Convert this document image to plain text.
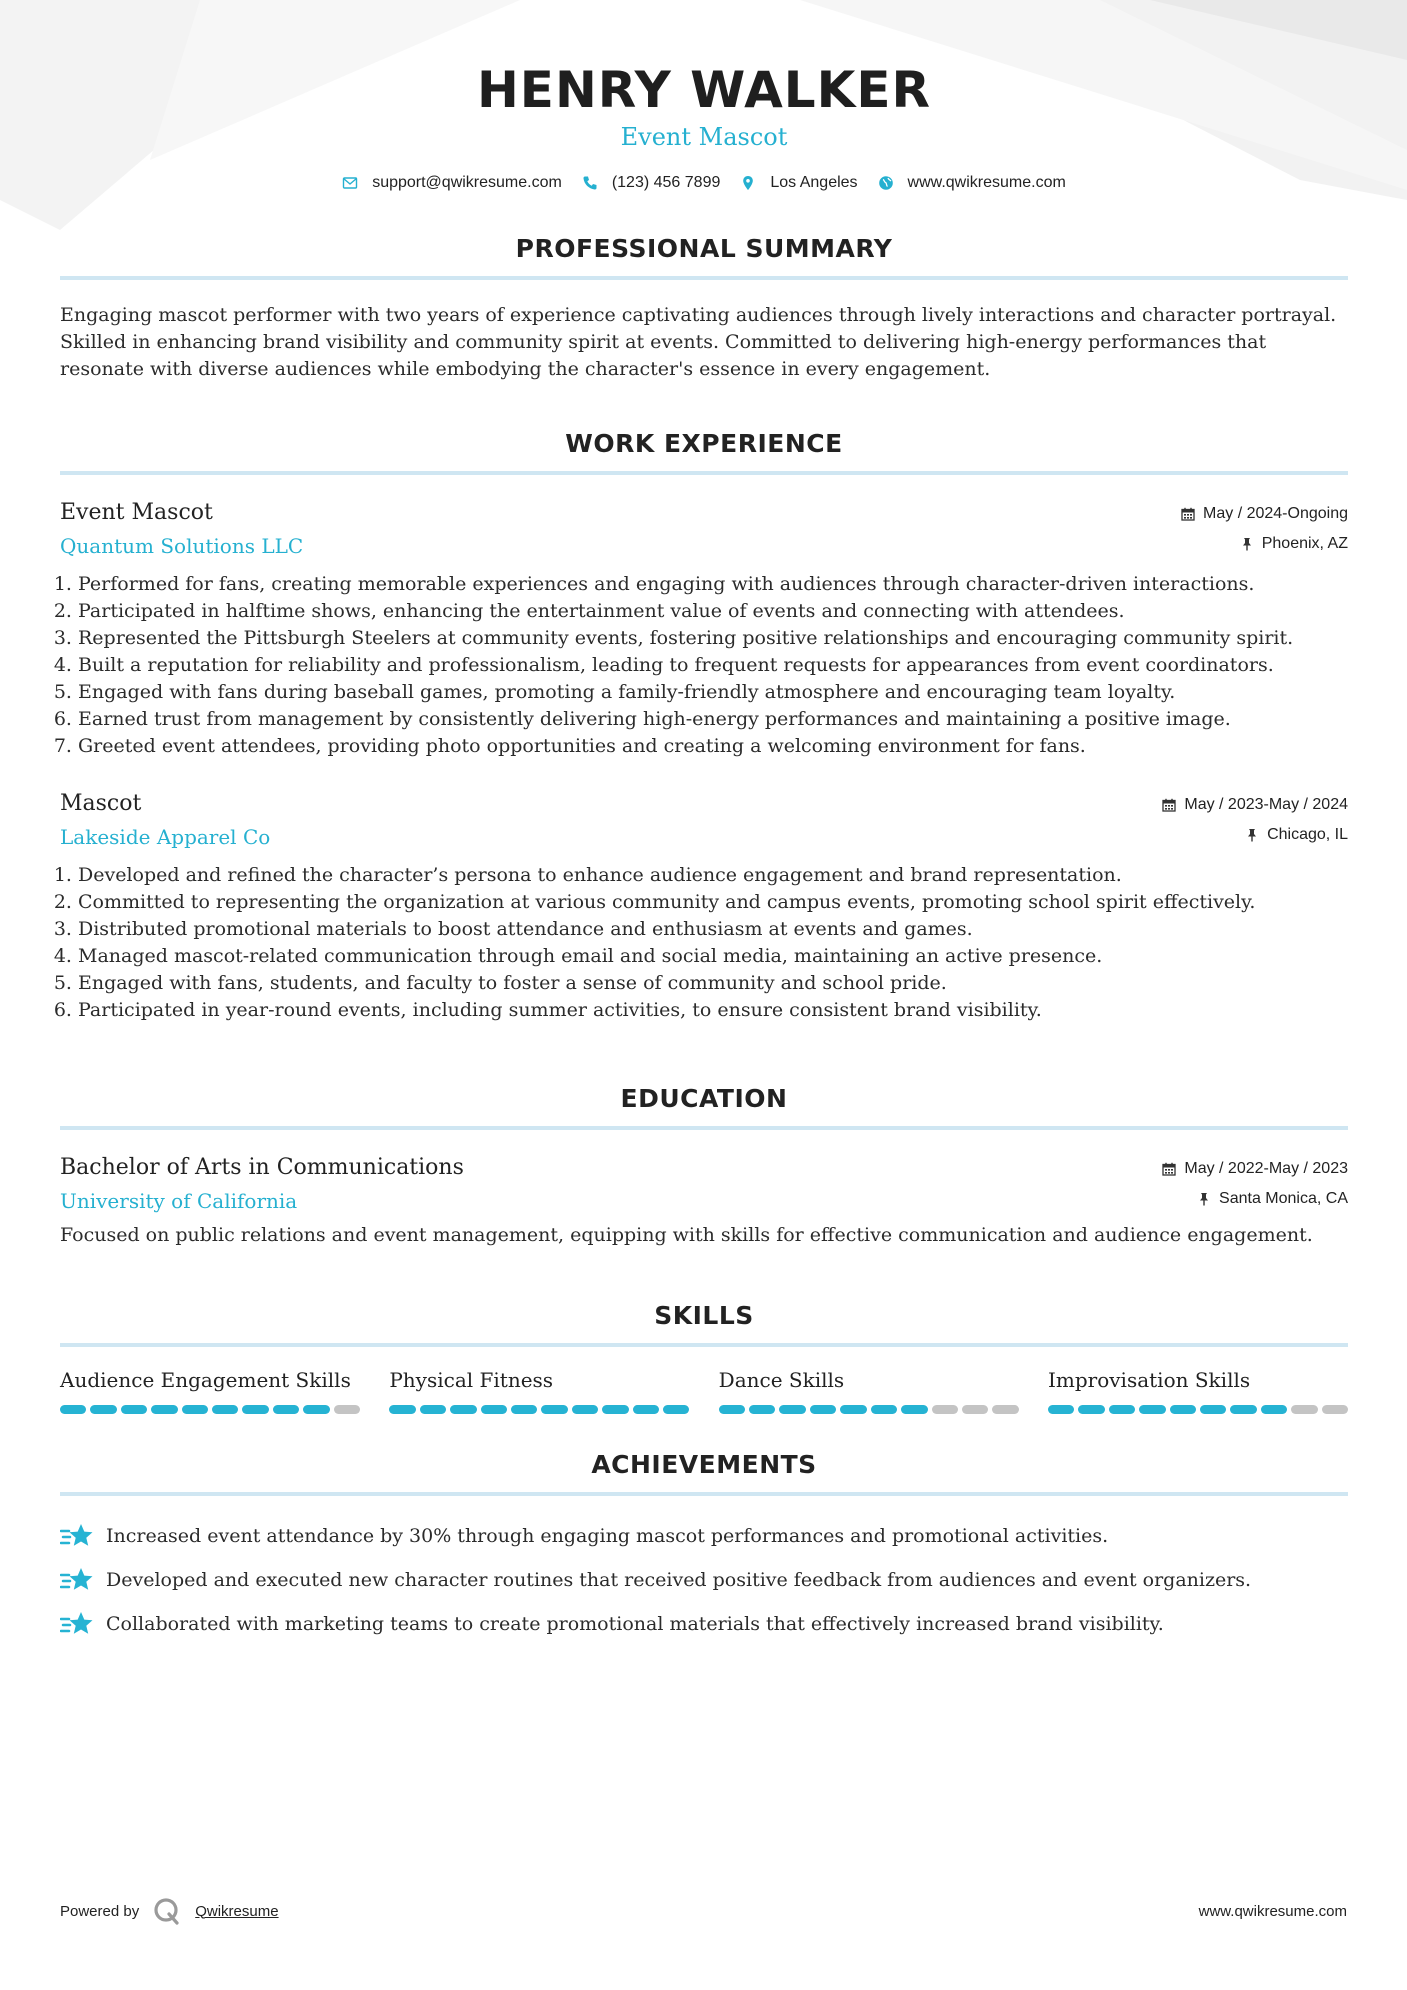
HENRY WALKER
Event Mascot
support@qwikresume.com	(123) 456 7899	Los Angeles	www.qwikresume.com
PROFESSIONAL SUMMARY
Engaging mascot performer with two years of experience captivating audiences through lively interactions and character portrayal. Skilled in enhancing brand visibility and community spirit at events. Committed to delivering high-energy performances that resonate with diverse audiences while embodying the character's essence in every engagement.
WORK EXPERIENCE
Event Mascot
Quantum Solutions LLC
May / 2024-Ongoing
Phoenix, AZ
1. Performed for fans, creating memorable experiences and engaging with audiences through character-driven interactions.
2. Participated in halftime shows, enhancing the entertainment value of events and connecting with attendees.
3. Represented the Pittsburgh Steelers at community events, fostering positive relationships and encouraging community spirit.
4. Built a reputation for reliability and professionalism, leading to frequent requests for appearances from event coordinators.
5. Engaged with fans during baseball games, promoting a family-friendly atmosphere and encouraging team loyalty.
6. Earned trust from management by consistently delivering high-energy performances and maintaining a positive image.
7. Greeted event attendees, providing photo opportunities and creating a welcoming environment for fans.
Mascot
Lakeside Apparel Co
May / 2023-May / 2024
Chicago, IL
1. Developed and refined the character’s persona to enhance audience engagement and brand representation.
2. Committed to representing the organization at various community and campus events, promoting school spirit effectively.
3. Distributed promotional materials to boost attendance and enthusiasm at events and games.
4. Managed mascot-related communication through email and social media, maintaining an active presence.
5. Engaged with fans, students, and faculty to foster a sense of community and school pride.
6. Participated in year-round events, including summer activities, to ensure consistent brand visibility.
EDUCATION
Bachelor of Arts in Communications
University of California
May / 2022-May / 2023
Santa Monica, CA
Focused on public relations and event management, equipping with skills for effective communication and audience engagement.
SKILLS
Audience Engagement Skills	Physical Fitness	Dance Skills	Improvisation Skills
ACHIEVEMENTS
Increased event attendance by 30% through engaging mascot performances and promotional activities.
Developed and executed new character routines that received positive feedback from audiences and event organizers.
Collaborated with marketing teams to create promotional materials that effectively increased brand visibility.
Powered by	Qwikresume	www.qwikresume.com
